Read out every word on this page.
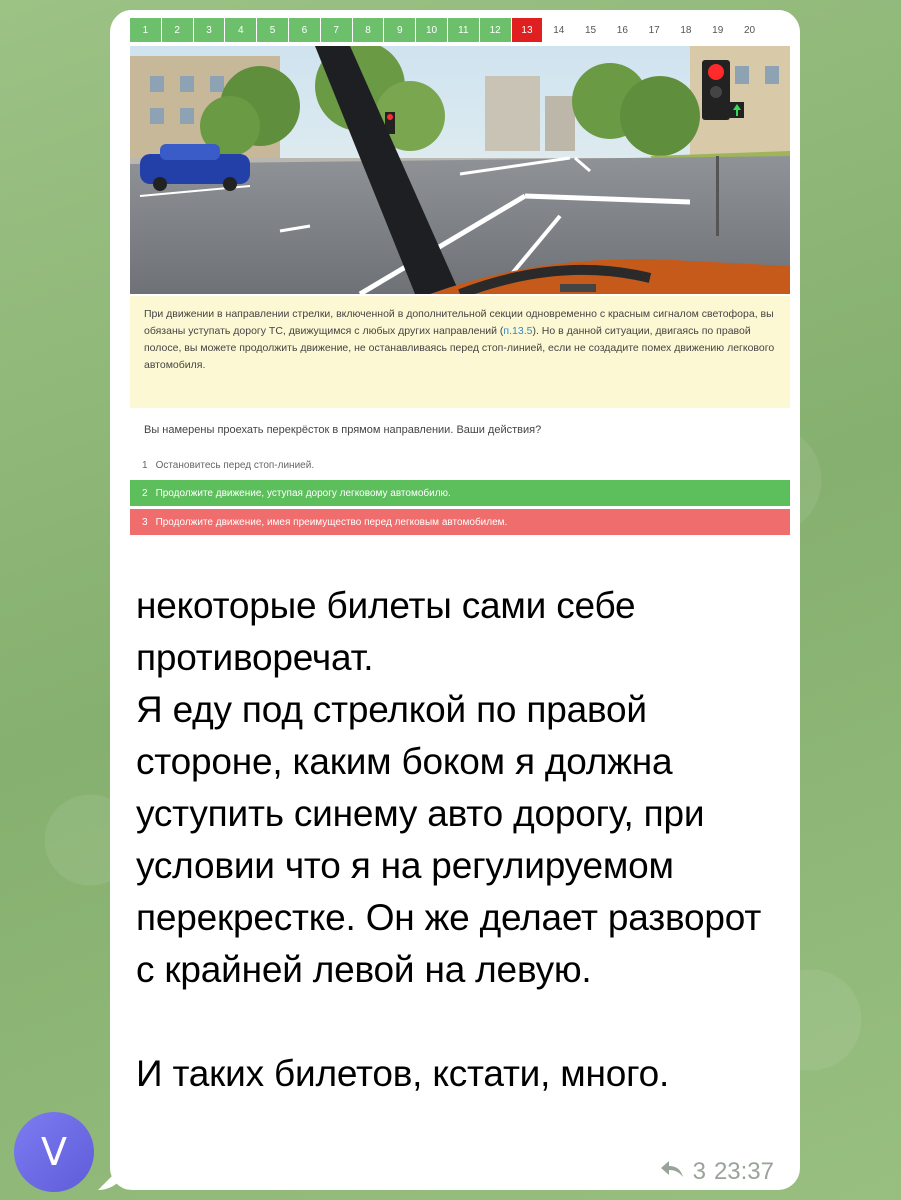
V
1	2	3	4	5	6	7	8	9	10	11	12	13	14	15	16	17	18	19	20
При движении в направлении стрелки, включенной в дополнительной секции одновременно с красным сигналом светофора, вы обязаны уступать дорогу ТС, движущимся с любых других направлений (п.13.5). Но в данной ситуации, двигаясь по правой полосе, вы можете продолжить движение, не останавливаясь перед стоп-линией, если не создадите помех движению легкового автомобиля.
Вы намерены проехать перекрёсток в прямом направлении. Ваши действия?
1 Остановитесь перед стоп-линией.
2 Продолжите движение, уступая дорогу легковому автомобилю.
3 Продолжите движение, имея преимущество перед легковым автомобилем.

некоторые билеты сами себе противоречат.

Я еду под стрелкой по правой стороне, каким боком я должна уступить синему авто дорогу, при условии что я на регулируемом перекрестке. Он же делает разворот с крайней левой на левую.

И таких билетов, кстати, много.

3 23:37
